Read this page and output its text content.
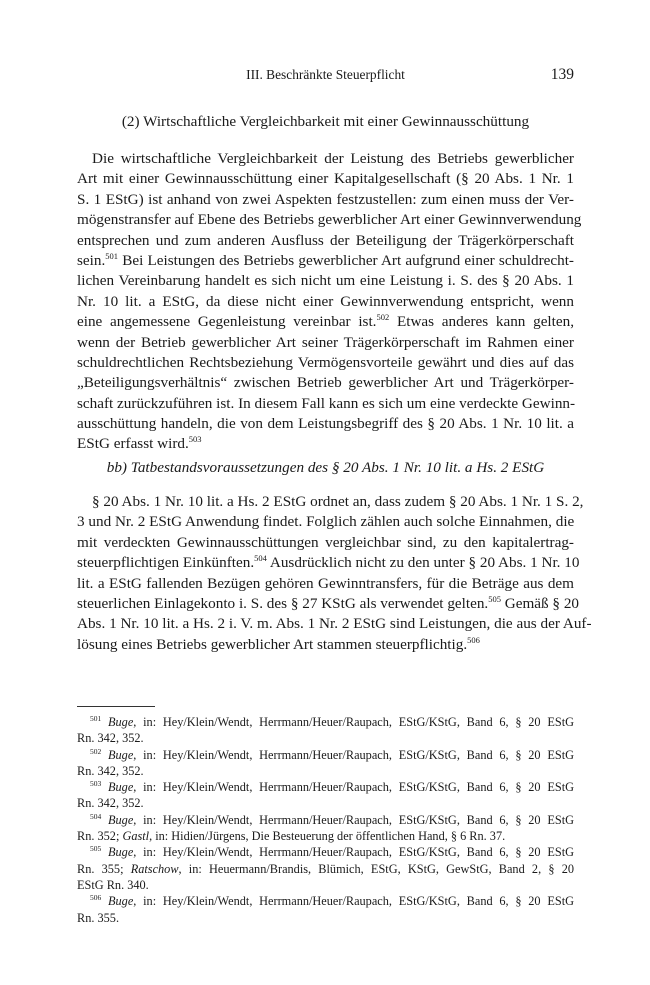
III. Beschränkte Steuerpflicht	139
(2) Wirtschaftliche Vergleichbarkeit mit einer Gewinnausschüttung
Die wirtschaftliche Vergleichbarkeit der Leistung des Betriebs gewerblicher
Art mit einer Gewinnausschüttung einer Kapitalgesellschaft (§ 20 Abs. 1 Nr. 1
S. 1 EStG) ist anhand von zwei Aspekten festzustellen: zum einen muss der Ver-
mögenstransfer auf Ebene des Betriebs gewerblicher Art einer Gewinnverwendung
entsprechen und zum anderen Ausfluss der Beteiligung der Trägerkörperschaft
sein.$^{501}$ Bei Leistungen des Betriebs gewerblicher Art aufgrund einer schuldrecht-
lichen Vereinbarung handelt es sich nicht um eine Leistung i. S. des § 20 Abs. 1
Nr. 10 lit. a EStG, da diese nicht einer Gewinnverwendung entspricht, wenn
eine angemessene Gegenleistung vereinbar ist.$^{502}$ Etwas anderes kann gelten,
wenn der Betrieb gewerblicher Art seiner Trägerkörperschaft im Rahmen einer
schuldrechtlichen Rechtsbeziehung Vermögensvorteile gewährt und dies auf das
„Beteiligungsverhältnis“ zwischen Betrieb gewerblicher Art und Trägerkörper-
schaft zurückzuführen ist. In diesem Fall kann es sich um eine verdeckte Gewinn-
ausschüttung handeln, die von dem Leistungsbegriff des § 20 Abs. 1 Nr. 10 lit. a
EStG erfasst wird.$^{503}$
bb) Tatbestandsvoraussetzungen des § 20 Abs. 1 Nr. 10 lit. a Hs. 2 EStG
§ 20 Abs. 1 Nr. 10 lit. a Hs. 2 EStG ordnet an, dass zudem § 20 Abs. 1 Nr. 1 S. 2,
3 und Nr. 2 EStG Anwendung findet. Folglich zählen auch solche Einnahmen, die
mit verdeckten Gewinnausschüttungen vergleichbar sind, zu den kapitalertrag-
steuerpflichtigen Einkünften.$^{504}$ Ausdrücklich nicht zu den unter § 20 Abs. 1 Nr. 10
lit. a EStG fallenden Bezügen gehören Gewinntransfers, für die Beträge aus dem
steuerlichen Einlagekonto i. S. des § 27 KStG als verwendet gelten.$^{505}$ Gemäß § 20
Abs. 1 Nr. 10 lit. a Hs. 2 i. V. m. Abs. 1 Nr. 2 EStG sind Leistungen, die aus der Auf-
lösung eines Betriebs gewerblicher Art stammen steuerpflichtig.$^{506}$
$^{501}$ Buge, in: Hey/Klein/Wendt, Herrmann/Heuer/Raupach, EStG/KStG, Band 6, § 20 EStG
Rn. 342, 352.
$^{502}$ Buge, in: Hey/Klein/Wendt, Herrmann/Heuer/Raupach, EStG/KStG, Band 6, § 20 EStG
Rn. 342, 352.
$^{503}$ Buge, in: Hey/Klein/Wendt, Herrmann/Heuer/Raupach, EStG/KStG, Band 6, § 20 EStG
Rn. 342, 352.
$^{504}$ Buge, in: Hey/Klein/Wendt, Herrmann/Heuer/Raupach, EStG/KStG, Band 6, § 20 EStG
Rn. 352; Gastl, in: Hidien/Jürgens, Die Besteuerung der öffentlichen Hand, § 6 Rn. 37.
$^{505}$ Buge, in: Hey/Klein/Wendt, Herrmann/Heuer/Raupach, EStG/KStG, Band 6, § 20 EStG
Rn. 355; Ratschow, in: Heuermann/Brandis, Blümich, EStG, KStG, GewStG, Band 2, § 20
EStG Rn. 340.
$^{506}$ Buge, in: Hey/Klein/Wendt, Herrmann/Heuer/Raupach, EStG/KStG, Band 6, § 20 EStG
Rn. 355.
